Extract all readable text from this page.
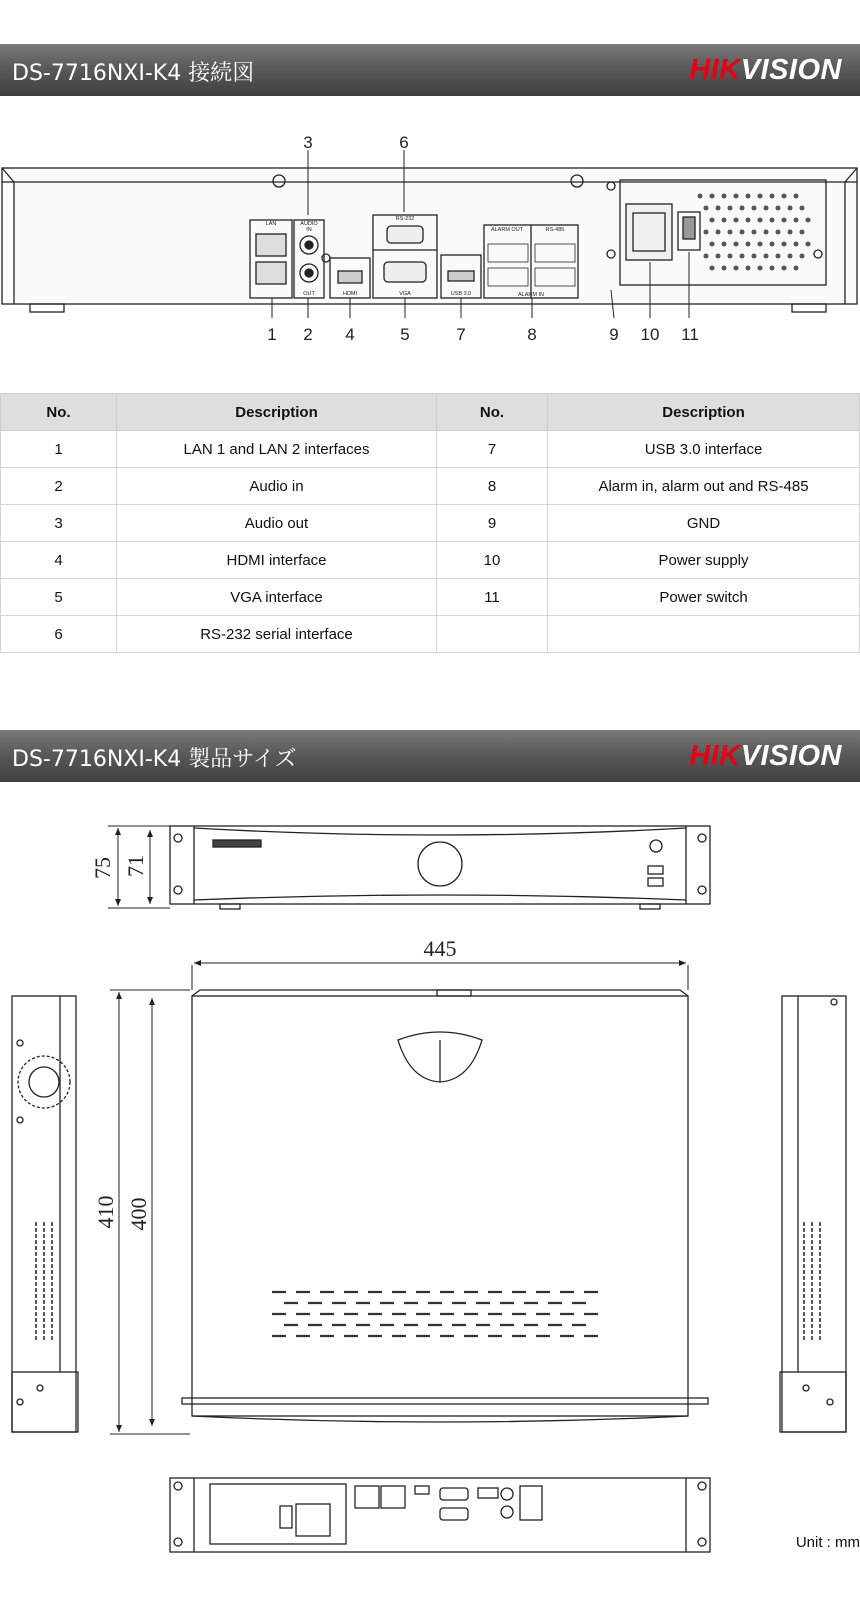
DS-7716NXI-K4 接続図	HIKVISION
LAN	AUDIO
IN
OUT	HDMI
RS-232
VGA	USB 3.0
ALARM OUT	RS-485
ALARM IN
1 2
3
4	5
6
7	8	9 10 11
No.	Description	No.	Description
1	LAN 1 and LAN 2 interfaces	7	USB 3.0 interface
2	Audio in	8	Alarm in, alarm out and RS-485
3	Audio out	9	GND
4	HDMI interface	10	Power supply
5	VGA interface	11	Power switch
6	RS-232 serial interface		
DS-7716NXI-K4 製品サイズ	HIKVISION
75 71
445
410 400
Unit : mm
